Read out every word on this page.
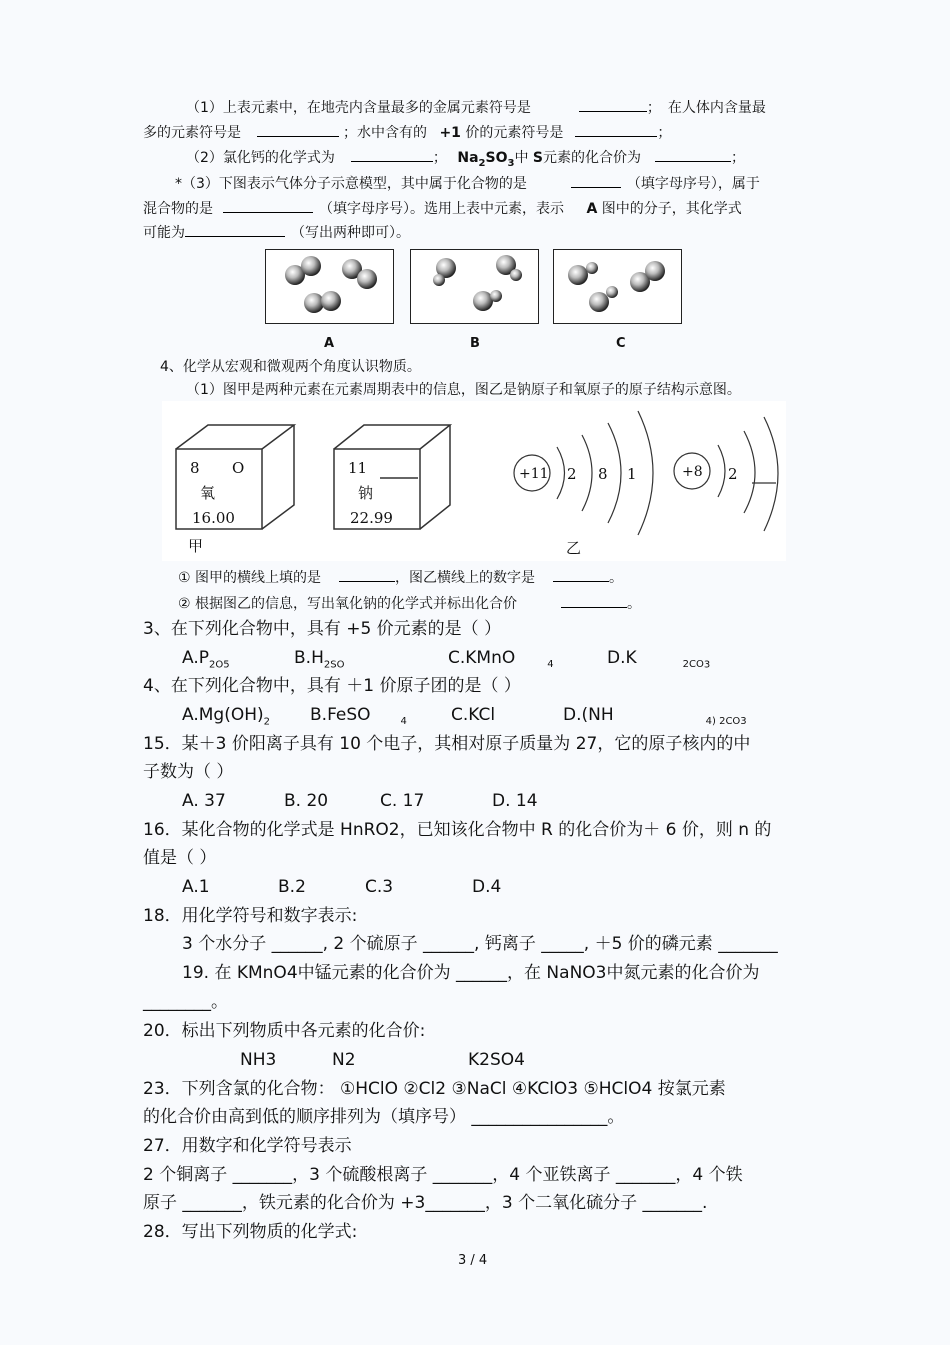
（1）上表元素中，在地壳内含量最多的金属元素符号是	；　在人体内含量最
多的元素符号是	；水中含有的 +1 价的元素符号是	；
（2）氯化钙的化学式为	； $Na_2SO_3$中 S元素的化合价为	；
*（3）下图表示气体分子示意模型，其中属于化合物的是	（填字母序号），属于
混合物的是	（填字母序号）。选用上表中元素，表示 A 图中的分子，其化学式
可能为	（写出两种即可）。
A	B	C
4、化学从宏观和微观两个角度认识物质。
（1）图甲是两种元素在元素周期表中的信息，图乙是钠原子和氧原子的原子结构示意图。
8 O
氧
16.00
11
钠
22.99
+11 2 8 1	+8 2
甲	乙
① 图甲的横线上填的是	，图乙横线上的数字是	。
② 根据图乙的信息，写出氧化钠的化学式并标出化合价	。
3、在下列化合物中，具有 +5 价元素的是（ ）
$A.P_{2O5}$	$B.H_{2SO}$	C.KMnO	$_4$	D.K	$_{2CO3}$
4、在下列化合物中，具有 ＋1 价原子团的是（ ）
$A.Mg(OH)_2$ B.FeSO	$_4$	C.KCl	D.(NH	$_{4) 2CO3}$
15．某＋3 价阳离子具有 10 个电子，其相对原子质量为 27，它的原子核内的中
子数为（ ）
A. 37	B. 20	C. 17	D. 14
16．某化合物的化学式是 HnRO2，已知该化合物中 R 的化合价为＋ 6 价，则 n 的
值是（ ）
A.1	B.2	C.3	D.4
18．用化学符号和数字表示:
3 个水分子 ______, 2 个硫原子 ______, 钙离子 _____, ＋5 价的磷元素 _______
19. 在 KMnO4中锰元素的化合价为 ______，在 NaNO3中氮元素的化合价为
________。
20．标出下列物质中各元素的化合价:
NH3	N2	K2SO4
23．下列含氯的化合物： ①HClO ②Cl2 ③NaCl ④KClO3 ⑤HClO4 按氯元素
的化合价由高到低的顺序排列为（填序号） ________________。
27．用数字和化学符号表示
2 个铜离子 _______，3 个硫酸根离子 _______，4 个亚铁离子 _______，4 个铁
原子 _______，铁元素的化合价为 +3_______，3 个二氧化硫分子 _______.
28．写出下列物质的化学式:
3 / 4
